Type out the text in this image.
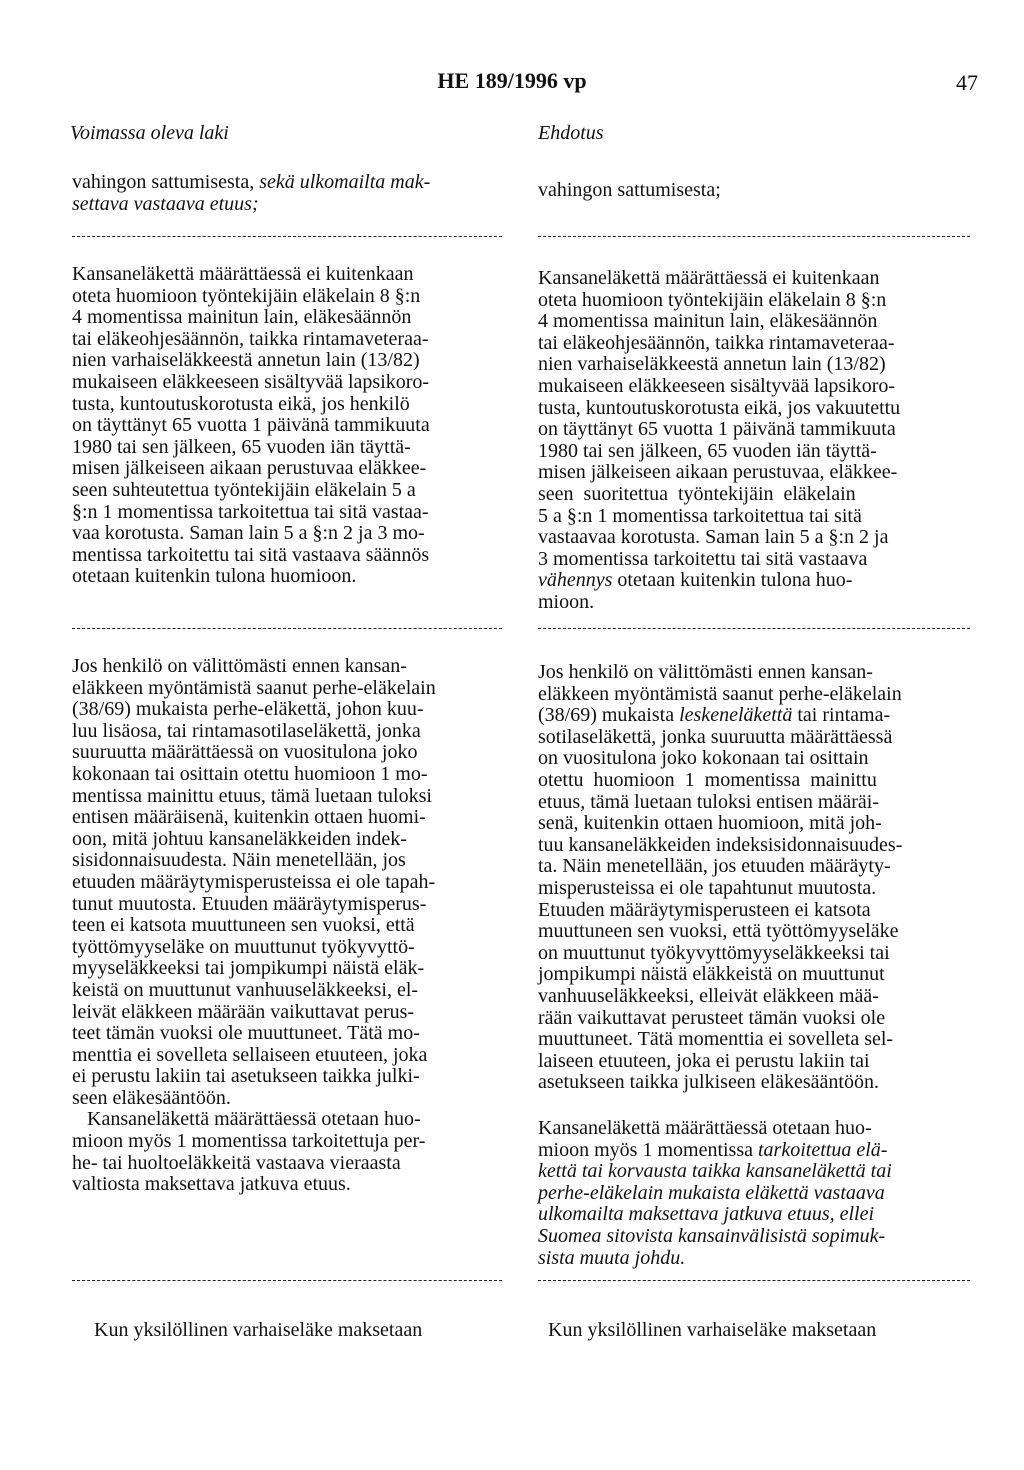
HE 189/1996 vp	47
Voimassa oleva laki	Ehdotus
vahingon sattumisesta, sekä ulkomailta mak-
settava vastaava etuus;
Kansaneläkettä määrättäessä ei kuitenkaan
oteta huomioon työntekijäin eläkelain 8 §:n
4 momentissa mainitun lain, eläkesäännön
tai eläkeohjesäännön, taikka rintamaveteraa-
nien varhaiseläkkeestä annetun lain (13/82)
mukaiseen eläkkeeseen sisältyvää lapsikoro-
tusta, kuntoutuskorotusta eikä, jos henkilö
on täyttänyt 65 vuotta 1 päivänä tammikuuta
1980 tai sen jälkeen, 65 vuoden iän täyttä-
misen jälkeiseen aikaan perustuvaa eläkkee-
seen suhteutettua työntekijäin eläkelain 5 a
§:n 1 momentissa tarkoitettua tai sitä vastaa-
vaa korotusta. Saman lain 5 a §:n 2 ja 3 mo-
mentissa tarkoitettu tai sitä vastaava säännös
otetaan kuitenkin tulona huomioon.
Jos henkilö on välittömästi ennen kansan-
eläkkeen myöntämistä saanut perhe-eläkelain
(38/69) mukaista perhe-eläkettä, johon kuu-
luu lisäosa, tai rintamasotilaseläkettä, jonka
suuruutta määrättäessä on vuositulona joko
kokonaan tai osittain otettu huomioon 1 mo-
mentissa mainittu etuus, tämä luetaan tuloksi
entisen määräisenä, kuitenkin ottaen huomi-
oon, mitä johtuu kansaneläkkeiden indek-
sisidonnaisuudesta. Näin menetellään, jos
etuuden määräytymisperusteissa ei ole tapah-
tunut muutosta. Etuuden määräytymisperus-
teen ei katsota muuttuneen sen vuoksi, että
työttömyyseläke on muuttunut työkyvyttö-
myyseläkkeeksi tai jompikumpi näistä eläk-
keistä on muuttunut vanhuuseläkkeeksi, el-
leivät eläkkeen määrään vaikuttavat perus-
teet tämän vuoksi ole muuttuneet. Tätä mo-
menttia ei sovelleta sellaiseen etuuteen, joka
ei perustu lakiin tai asetukseen taikka julki-
seen eläkesääntöön.
Kansaneläkettä määrättäessä otetaan huo-
mioon myös 1 momentissa tarkoitettuja per-
he- tai huoltoeläkkeitä vastaava vieraasta
valtiosta maksettava jatkuva etuus.
Kun yksilöllinen varhaiseläke maksetaan
vahingon sattumisesta;
Kansaneläkettä määrättäessä ei kuitenkaan
oteta huomioon työntekijäin eläkelain 8 §:n
4 momentissa mainitun lain, eläkesäännön
tai eläkeohjesäännön, taikka rintamaveteraa-
nien varhaiseläkkeestä annetun lain (13/82)
mukaiseen eläkkeeseen sisältyvää lapsikoro-
tusta, kuntoutuskorotusta eikä, jos vakuutettu
on täyttänyt 65 vuotta 1 päivänä tammikuuta
1980 tai sen jälkeen, 65 vuoden iän täyttä-
misen jälkeiseen aikaan perustuvaa, eläkkee-
seen  suoritettua  työntekijäin  eläkelain
5 a §:n 1 momentissa tarkoitettua tai sitä
vastaavaa korotusta. Saman lain 5 a §:n 2 ja
3 momentissa tarkoitettu tai sitä vastaava
vähennys otetaan kuitenkin tulona huo-
mioon.
Jos henkilö on välittömästi ennen kansan-
eläkkeen myöntämistä saanut perhe-eläkelain
(38/69) mukaista leskeneläkettä tai rintama-
sotilaseläkettä, jonka suuruutta määrättäessä
on vuositulona joko kokonaan tai osittain
otettu  huomioon  1  momentissa  mainittu
etuus, tämä luetaan tuloksi entisen määräi-
senä, kuitenkin ottaen huomioon, mitä joh-
tuu kansaneläkkeiden indeksisidonnaisuudes-
ta. Näin menetellään, jos etuuden määräyty-
misperusteissa ei ole tapahtunut muutosta.
Etuuden määräytymisperusteen ei katsota
muuttuneen sen vuoksi, että työttömyyseläke
on muuttunut työkyvyttömyyseläkkeeksi tai
jompikumpi näistä eläkkeistä on muuttunut
vanhuuseläkkeeksi, elleivät eläkkeen mää-
rään vaikuttavat perusteet tämän vuoksi ole
muuttuneet. Tätä momenttia ei sovelleta sel-
laiseen etuuteen, joka ei perustu lakiin tai
asetukseen taikka julkiseen eläkesääntöön.
Kansaneläkettä määrättäessä otetaan huo-
mioon myös 1 momentissa tarkoitettua elä-
kettä tai korvausta taikka kansaneläkettä tai
perhe-eläkelain mukaista eläkettä vastaava
ulkomailta maksettava jatkuva etuus, ellei
Suomea sitovista kansainvälisistä sopimuk-
sista muuta johdu.
Kun yksilöllinen varhaiseläke maksetaan
